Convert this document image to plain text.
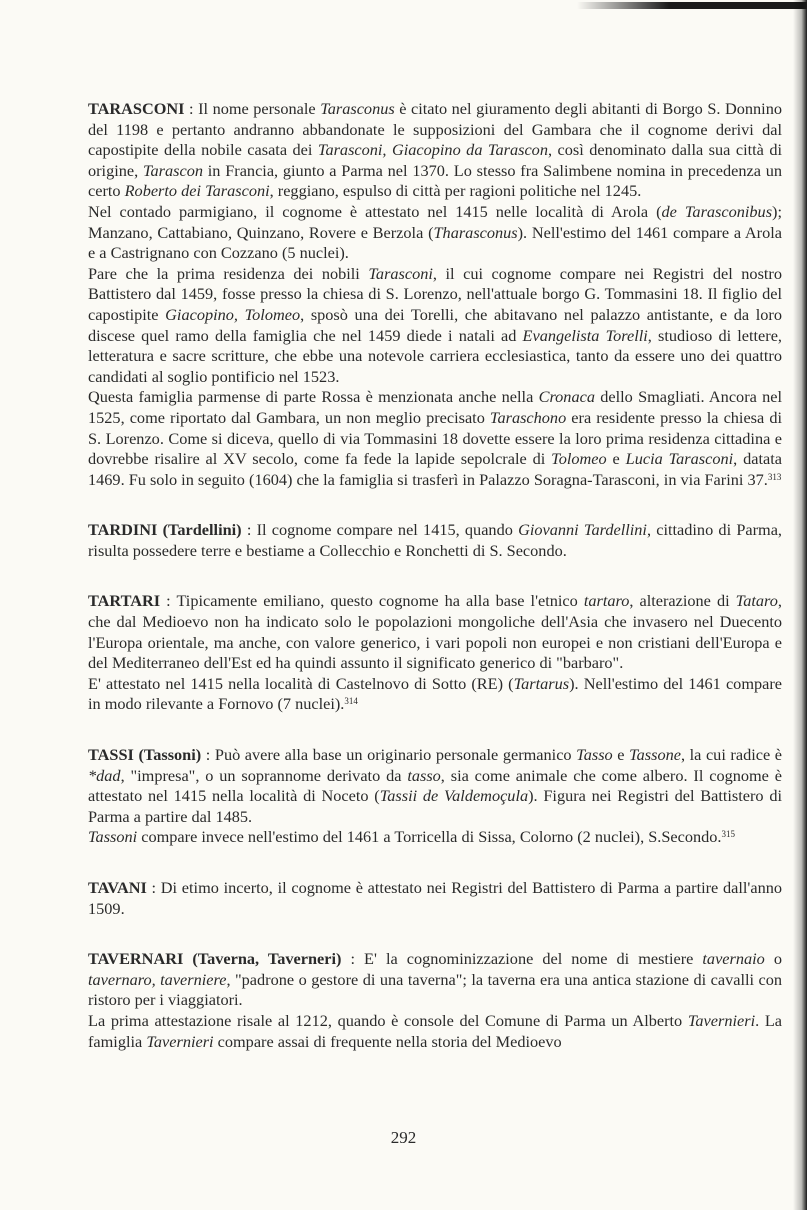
TARASCONI : Il nome personale Tarasconus è citato nel giuramento degli abitanti di Borgo S. Donnino del 1198 e pertanto andranno abbandonate le supposizioni del Gambara che il cognome derivi dal capostipite della nobile casata dei Tarasconi, Giacopino da Tarascon, così denominato dalla sua città di origine, Tarascon in Francia, giunto a Parma nel 1370. Lo stesso fra Salimbene nomina in precedenza un certo Roberto dei Tarasconi, reggiano, espulso di città per ragioni politiche nel 1245.

Nel contado parmigiano, il cognome è attestato nel 1415 nelle località di Arola (de Tarasconibus); Manzano, Cattabiano, Quinzano, Rovere e Berzola (Tharasconus). Nell'estimo del 1461 compare a Arola e a Castrignano con Cozzano (5 nuclei).

Pare che la prima residenza dei nobili Tarasconi, il cui cognome compare nei Registri del nostro Battistero dal 1459, fosse presso la chiesa di S. Lorenzo, nell'attuale borgo G. Tommasini 18. Il figlio del capostipite Giacopino, Tolomeo, sposò una dei Torelli, che abitavano nel palazzo antistante, e da loro discese quel ramo della famiglia che nel 1459 diede i natali ad Evangelista Torelli, studioso di lettere, letteratura e sacre scritture, che ebbe una notevole carriera ecclesiastica, tanto da essere uno dei quattro candidati al soglio pontificio nel 1523.

Questa famiglia parmense di parte Rossa è menzionata anche nella Cronaca dello Smagliati. Ancora nel 1525, come riportato dal Gambara, un non meglio precisato Taraschono era residente presso la chiesa di S. Lorenzo. Come si diceva, quello di via Tommasini 18 dovette essere la loro prima residenza cittadina e dovrebbe risalire al XV secolo, come fa fede la lapide sepolcrale di Tolomeo e Lucia Tarasconi, datata 1469. Fu solo in seguito (1604) che la famiglia si trasferì in Palazzo Soragna-Tarasconi, in via Farini 37.$^{313}$

TARDINI (Tardellini) : Il cognome compare nel 1415, quando Giovanni Tardellini, cittadino di Parma, risulta possedere terre e bestiame a Collecchio e Ronchetti di S. Secondo.

TARTARI : Tipicamente emiliano, questo cognome ha alla base l'etnico tartaro, alterazione di Tataro, che dal Medioevo non ha indicato solo le popolazioni mongoliche dell'Asia che invasero nel Duecento l'Europa orientale, ma anche, con valore generico, i vari popoli non europei e non cristiani dell'Europa e del Mediterraneo dell'Est ed ha quindi assunto il significato generico di "barbaro".

E' attestato nel 1415 nella località di Castelnovo di Sotto (RE) (Tartarus). Nell'estimo del 1461 compare in modo rilevante a Fornovo (7 nuclei).$^{314}$

TASSI (Tassoni) : Può avere alla base un originario personale germanico Tasso e Tassone, la cui radice è *dad, "impresa", o un soprannome derivato da tasso, sia come animale che come albero. Il cognome è attestato nel 1415 nella località di Noceto (Tassii de Valdemoçula). Figura nei Registri del Battistero di Parma a partire dal 1485.

Tassoni compare invece nell'estimo del 1461 a Torricella di Sissa, Colorno (2 nuclei), S.Secondo.$^{315}$

TAVANI : Di etimo incerto, il cognome è attestato nei Registri del Battistero di Parma a partire dall'anno 1509.

TAVERNARI (Taverna, Taverneri) : E' la cognominizzazione del nome di mestiere tavernaio o tavernaro, taverniere, "padrone o gestore di una taverna"; la taverna era una antica stazione di cavalli con ristoro per i viaggiatori.

La prima attestazione risale al 1212, quando è console del Comune di Parma un Alberto Tavernieri. La famiglia Tavernieri compare assai di frequente nella storia del Medioevo

292
